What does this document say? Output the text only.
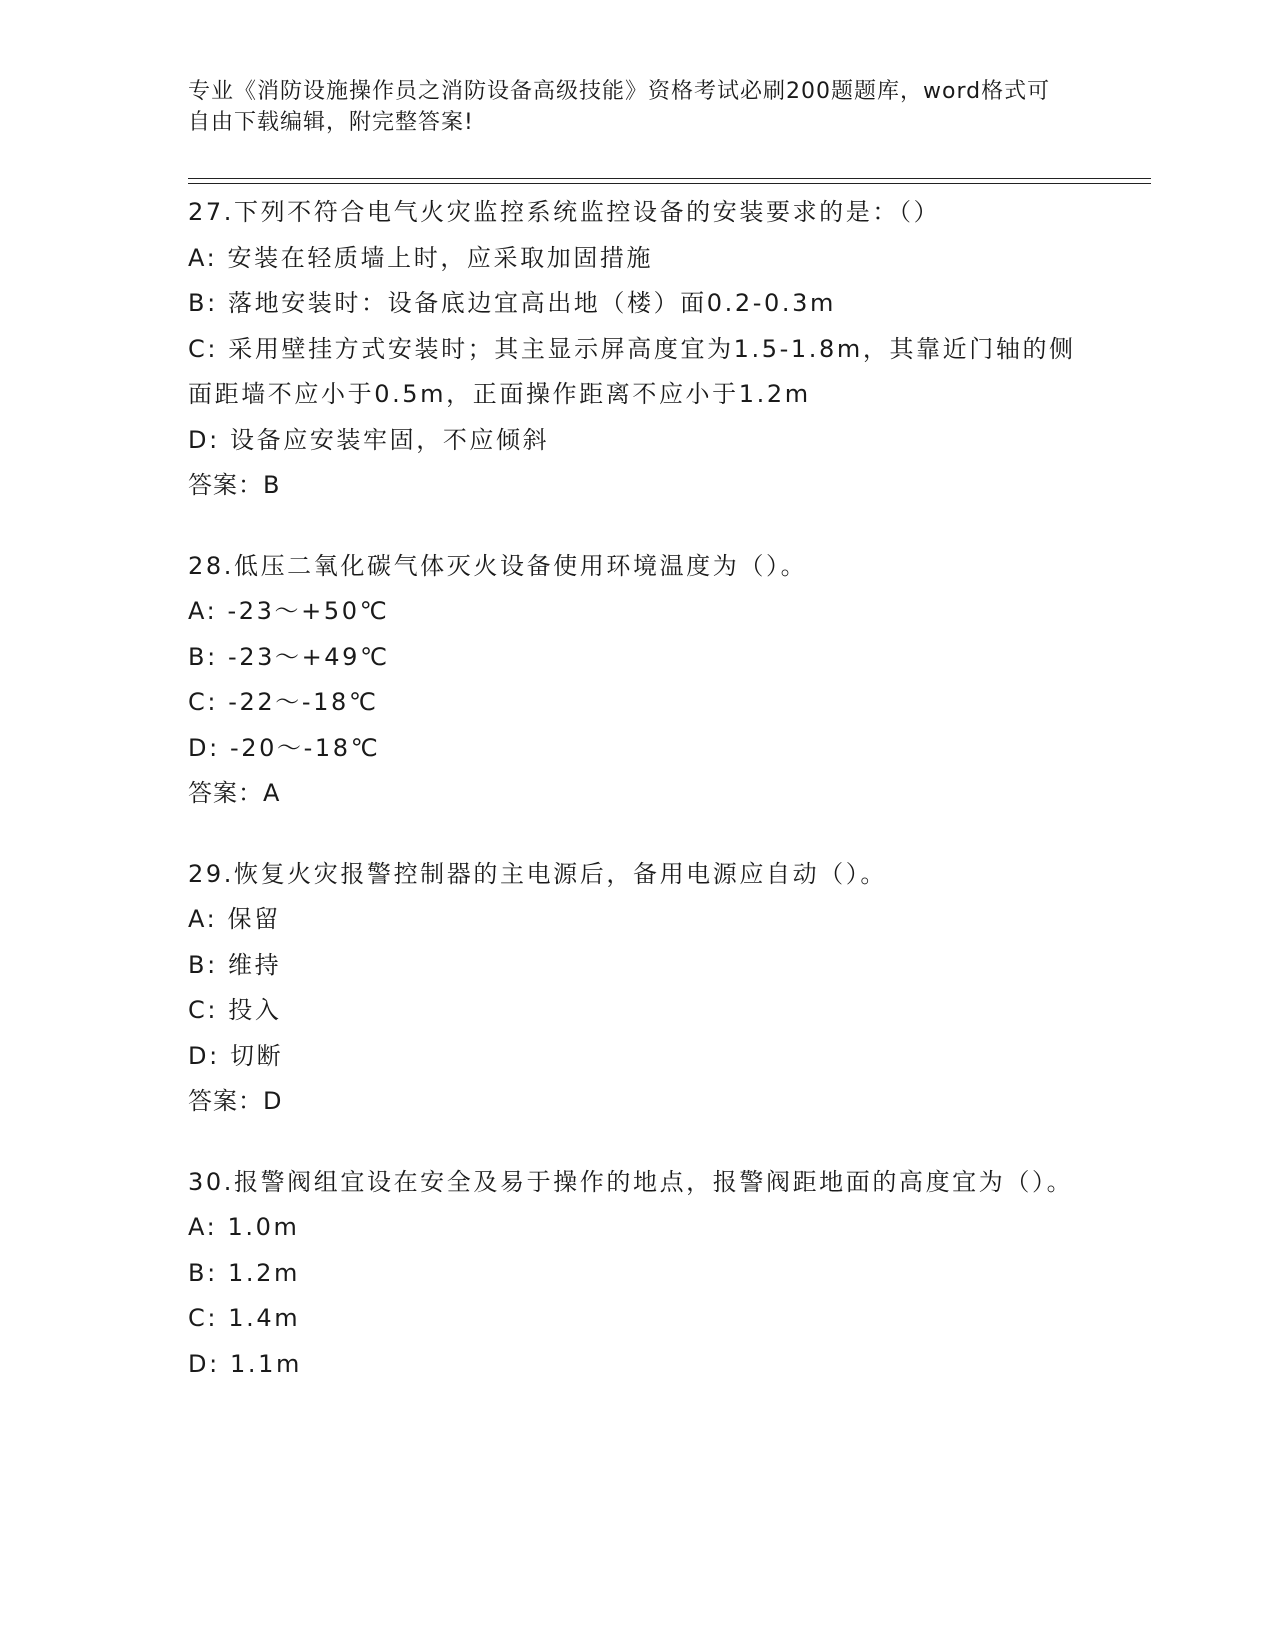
专业《消防设施操作员之消防设备高级技能》资格考试必刷200题题库，word格式可自由下载编辑，附完整答案!
27.下列不符合电气火灾监控系统监控设备的安装要求的是：（）
A: 安装在轻质墙上时，应采取加固措施
B: 落地安装时：设备底边宜高出地（楼）面0.2-0.3m
C: 采用壁挂方式安装时；其主显示屏高度宜为1.5-1.8m，其靠近门轴的侧面距墙不应小于0.5m，正面操作距离不应小于1.2m
D: 设备应安装牢固，不应倾斜
答案：B
28.低压二氧化碳气体灭火设备使用环境温度为（）。
A: -23～+50℃
B: -23～+49℃
C: -22～-18℃
D: -20～-18℃
答案：A
29.恢复火灾报警控制器的主电源后，备用电源应自动（）。
A: 保留
B: 维持
C: 投入
D: 切断
答案：D
30.报警阀组宜设在安全及易于操作的地点，报警阀距地面的高度宜为（）。
A: 1.0m
B: 1.2m
C: 1.4m
D: 1.1m
